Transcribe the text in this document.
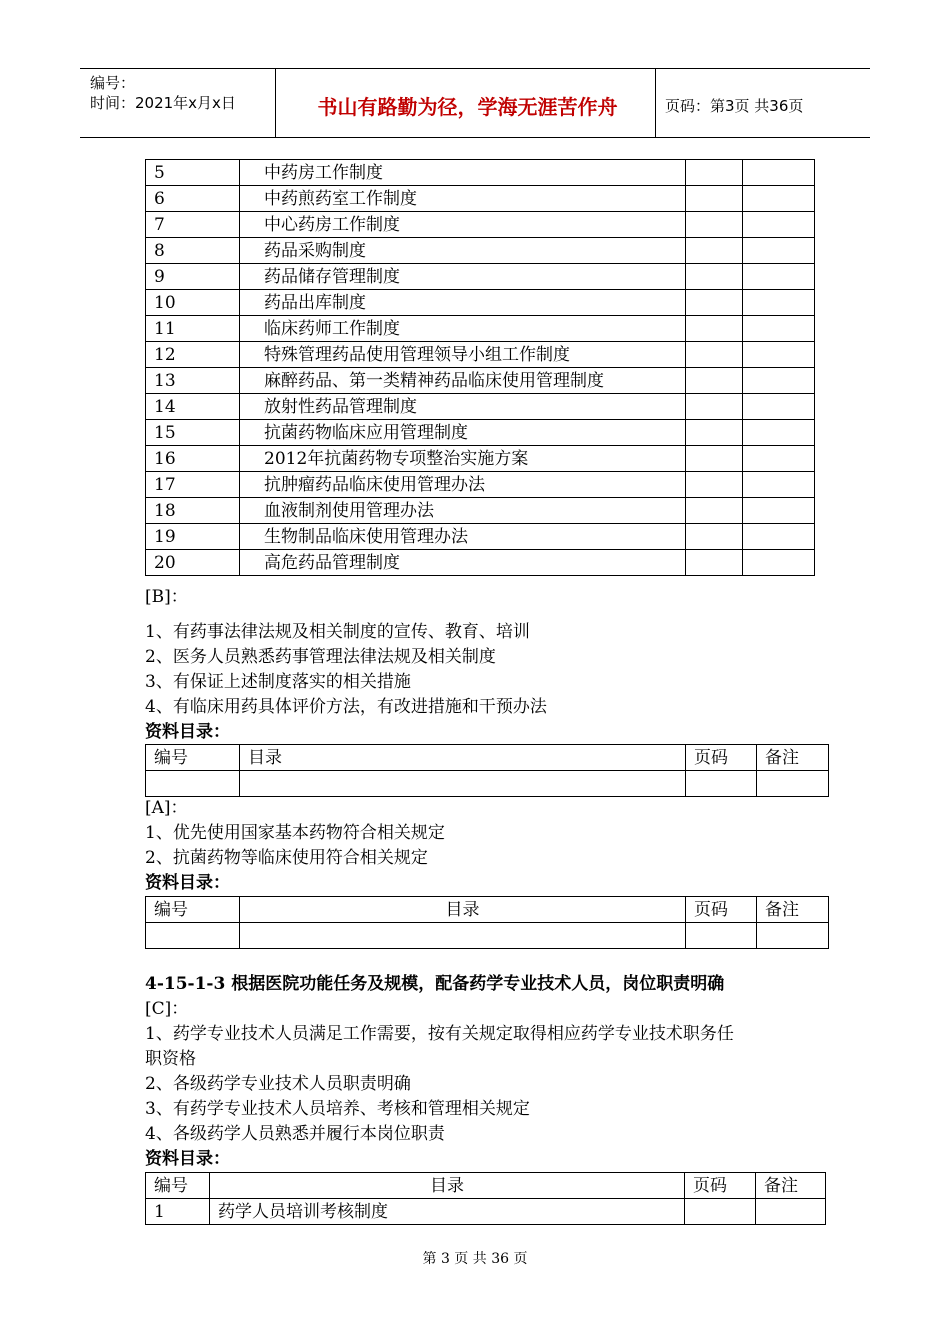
编号：
时间：2021年x月x日	书山有路勤为径，学海无涯苦作舟	页码：第3页 共36页
5	中药房工作制度		
6	中药煎药室工作制度		
7	中心药房工作制度		
8	药品采购制度		
9	药品储存管理制度		
10	药品出库制度		
11	临床药师工作制度		
12	特殊管理药品使用管理领导小组工作制度		
13	麻醉药品、第一类精神药品临床使用管理制度		
14	放射性药品管理制度		
15	抗菌药物临床应用管理制度		
16	2012年抗菌药物专项整治实施方案		
17	抗肿瘤药品临床使用管理办法		
18	血液制剂使用管理办法		
19	生物制品临床使用管理办法		
20	高危药品管理制度		
[B]：
1、有药事法律法规及相关制度的宣传、教育、培训
2、医务人员熟悉药事管理法律法规及相关制度
3、有保证上述制度落实的相关措施
4、有临床用药具体评价方法，有改进措施和干预办法
资料目录：
编号	目录	页码	备注

[A]：
1、优先使用国家基本药物符合相关规定
2、抗菌药物等临床使用符合相关规定
资料目录：
编号	目录	页码	备注

4-15-1-3 根据医院功能任务及规模，配备药学专业技术人员，岗位职责明确
[C]：
1、药学专业技术人员满足工作需要，按有关规定取得相应药学专业技术职务任
职资格
2、各级药学专业技术人员职责明确
3、有药学专业技术人员培养、考核和管理相关规定
4、各级药学人员熟悉并履行本岗位职责
资料目录：
编号	目录	页码	备注
1	药学人员培训考核制度		
第 3 页 共 36 页
